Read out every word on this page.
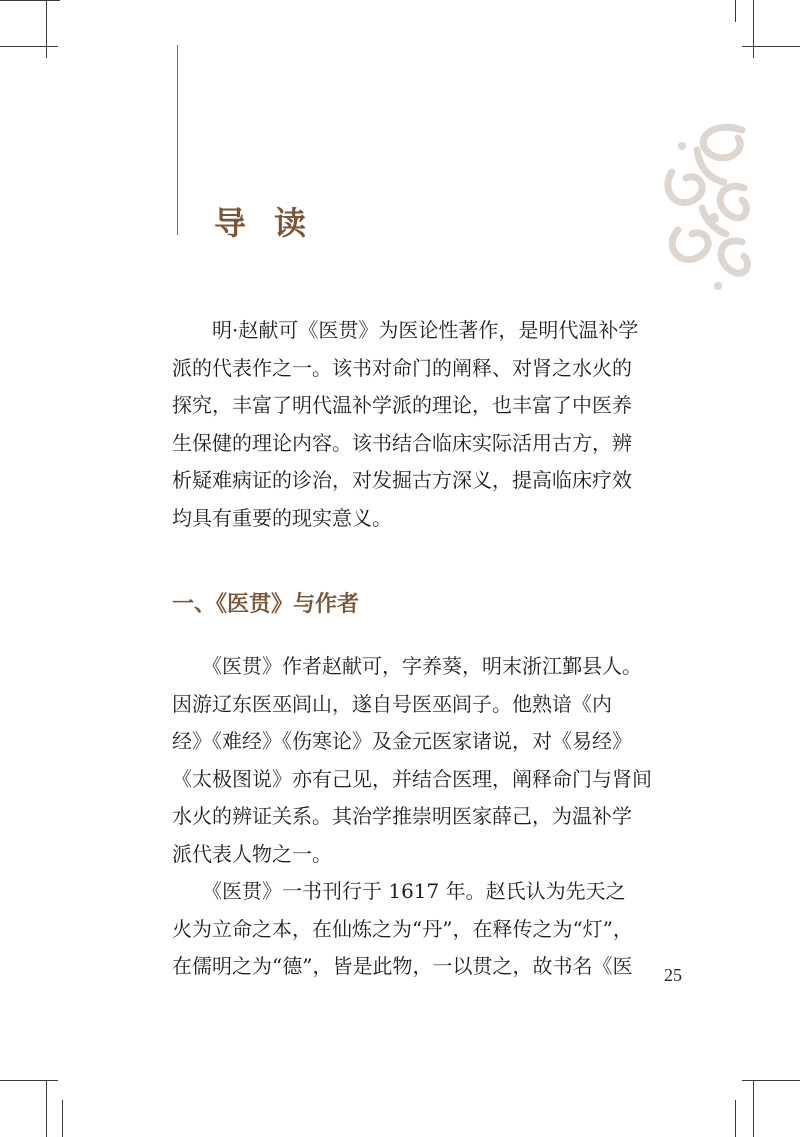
导读
　　明·赵献可《医贯》为医论性著作，是明代温补学
派的代表作之一。该书对命门的阐释、对肾之水火的
探究，丰富了明代温补学派的理论，也丰富了中医养
生保健的理论内容。该书结合临床实际活用古方，辨
析疑难病证的诊治，对发掘古方深义，提高临床疗效
均具有重要的现实意义。
一、《医贯》与作者
　　《医贯》作者赵献可，字养葵，明末浙江鄞县人。
因游辽东医巫闾山，遂自号医巫闾子。他熟谙《内
经》《难经》《伤寒论》及金元医家诸说，对《易经》
《太极图说》亦有己见，并结合医理，阐释命门与肾间
水火的辨证关系。其治学推崇明医家薛己，为温补学
派代表人物之一。
　　《医贯》一书刊行于 1617 年。赵氏认为先天之
火为立命之本，在仙炼之为“丹”，在释传之为“灯”，
在儒明之为“德”，皆是此物，一以贯之，故书名《医	25
